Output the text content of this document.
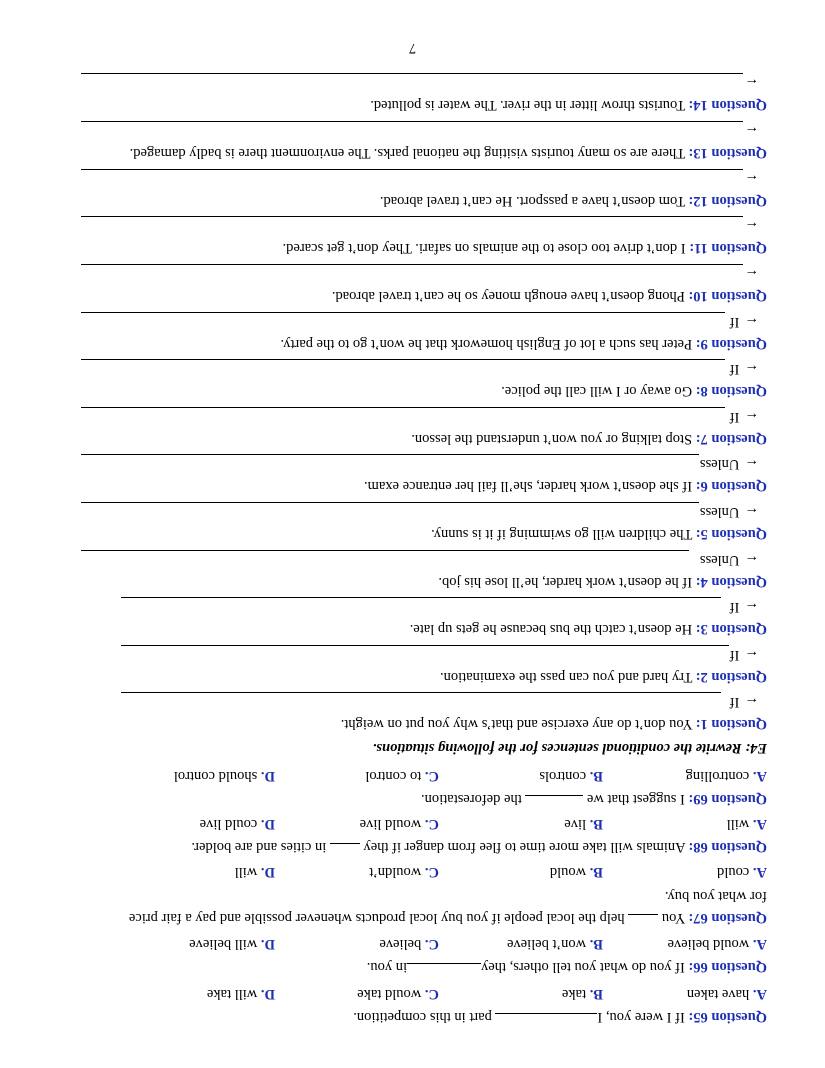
Question 65: If I were you, I part in this competition.
A. have taken
B. take
C. would take
D. will take
Question 66: If you do what you tell others, theyin you.
A. would believe
B. won’t believe
C. believe
D. will believe
Question 67: You  help the local people if you buy local products whenever possible and pay a fair price
for what you buy.
A. could
B. would
C. wouldn’t
D. will
Question 68: Animals will take more time to flee from danger if they  in cities and are bolder.
A. will
B. live
C. would live
D. could live
Question 69: I suggest that we  the deforestation.
A. controlling
B. controls
C. to control
D. should control
E4: Rewrite the conditional sentences for the following situations.
Question 1: You don’t do any exercise and that’s why you put on weight.
← If
Question 2: Try hard and you can pass the examination.
← If
Question 3: He doesn’t catch the bus because he gets up late.
← If
Question 4: If he doesn’t work harder, he’ll lose his job.
← Unless
Question 5: The children will go swimming if it is sunny.
← Unless
Question 6: If she doesn’t work harder, she’ll fail her entrance exam.
← Unless
Question 7: Stop talking or you won’t understand the lesson.
← If
Question 8: Go away or I will call the police.
← If
Question 9: Peter has such a lot of English homework that he won’t go to the party.
← If
Question 10: Phong doesn’t have enough money so he can’t travel abroad.
←
Question 11: I don’t drive too close to the animals on safari. They don’t get scared.
←
Question 12: Tom doesn’t have a passport. He can’t travel abroad.
←
Question 13: There are so many tourists visiting the national parks. The environment there is badly damaged.
←
Question 14: Tourists throw litter in the river. The water is polluted.
←
7
